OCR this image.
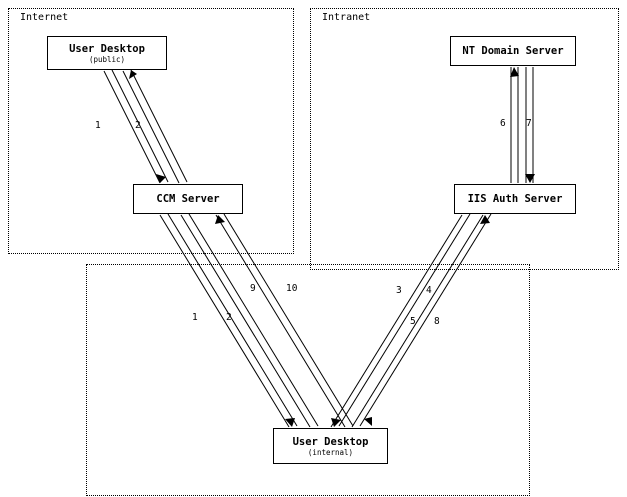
Internet	Intranet
User Desktop
(public)
CCM Server
NT Domain Server
IIS Auth Server
User Desktop
(internal)
1	2	6 7
9	10	3	4
1	2	5 8
